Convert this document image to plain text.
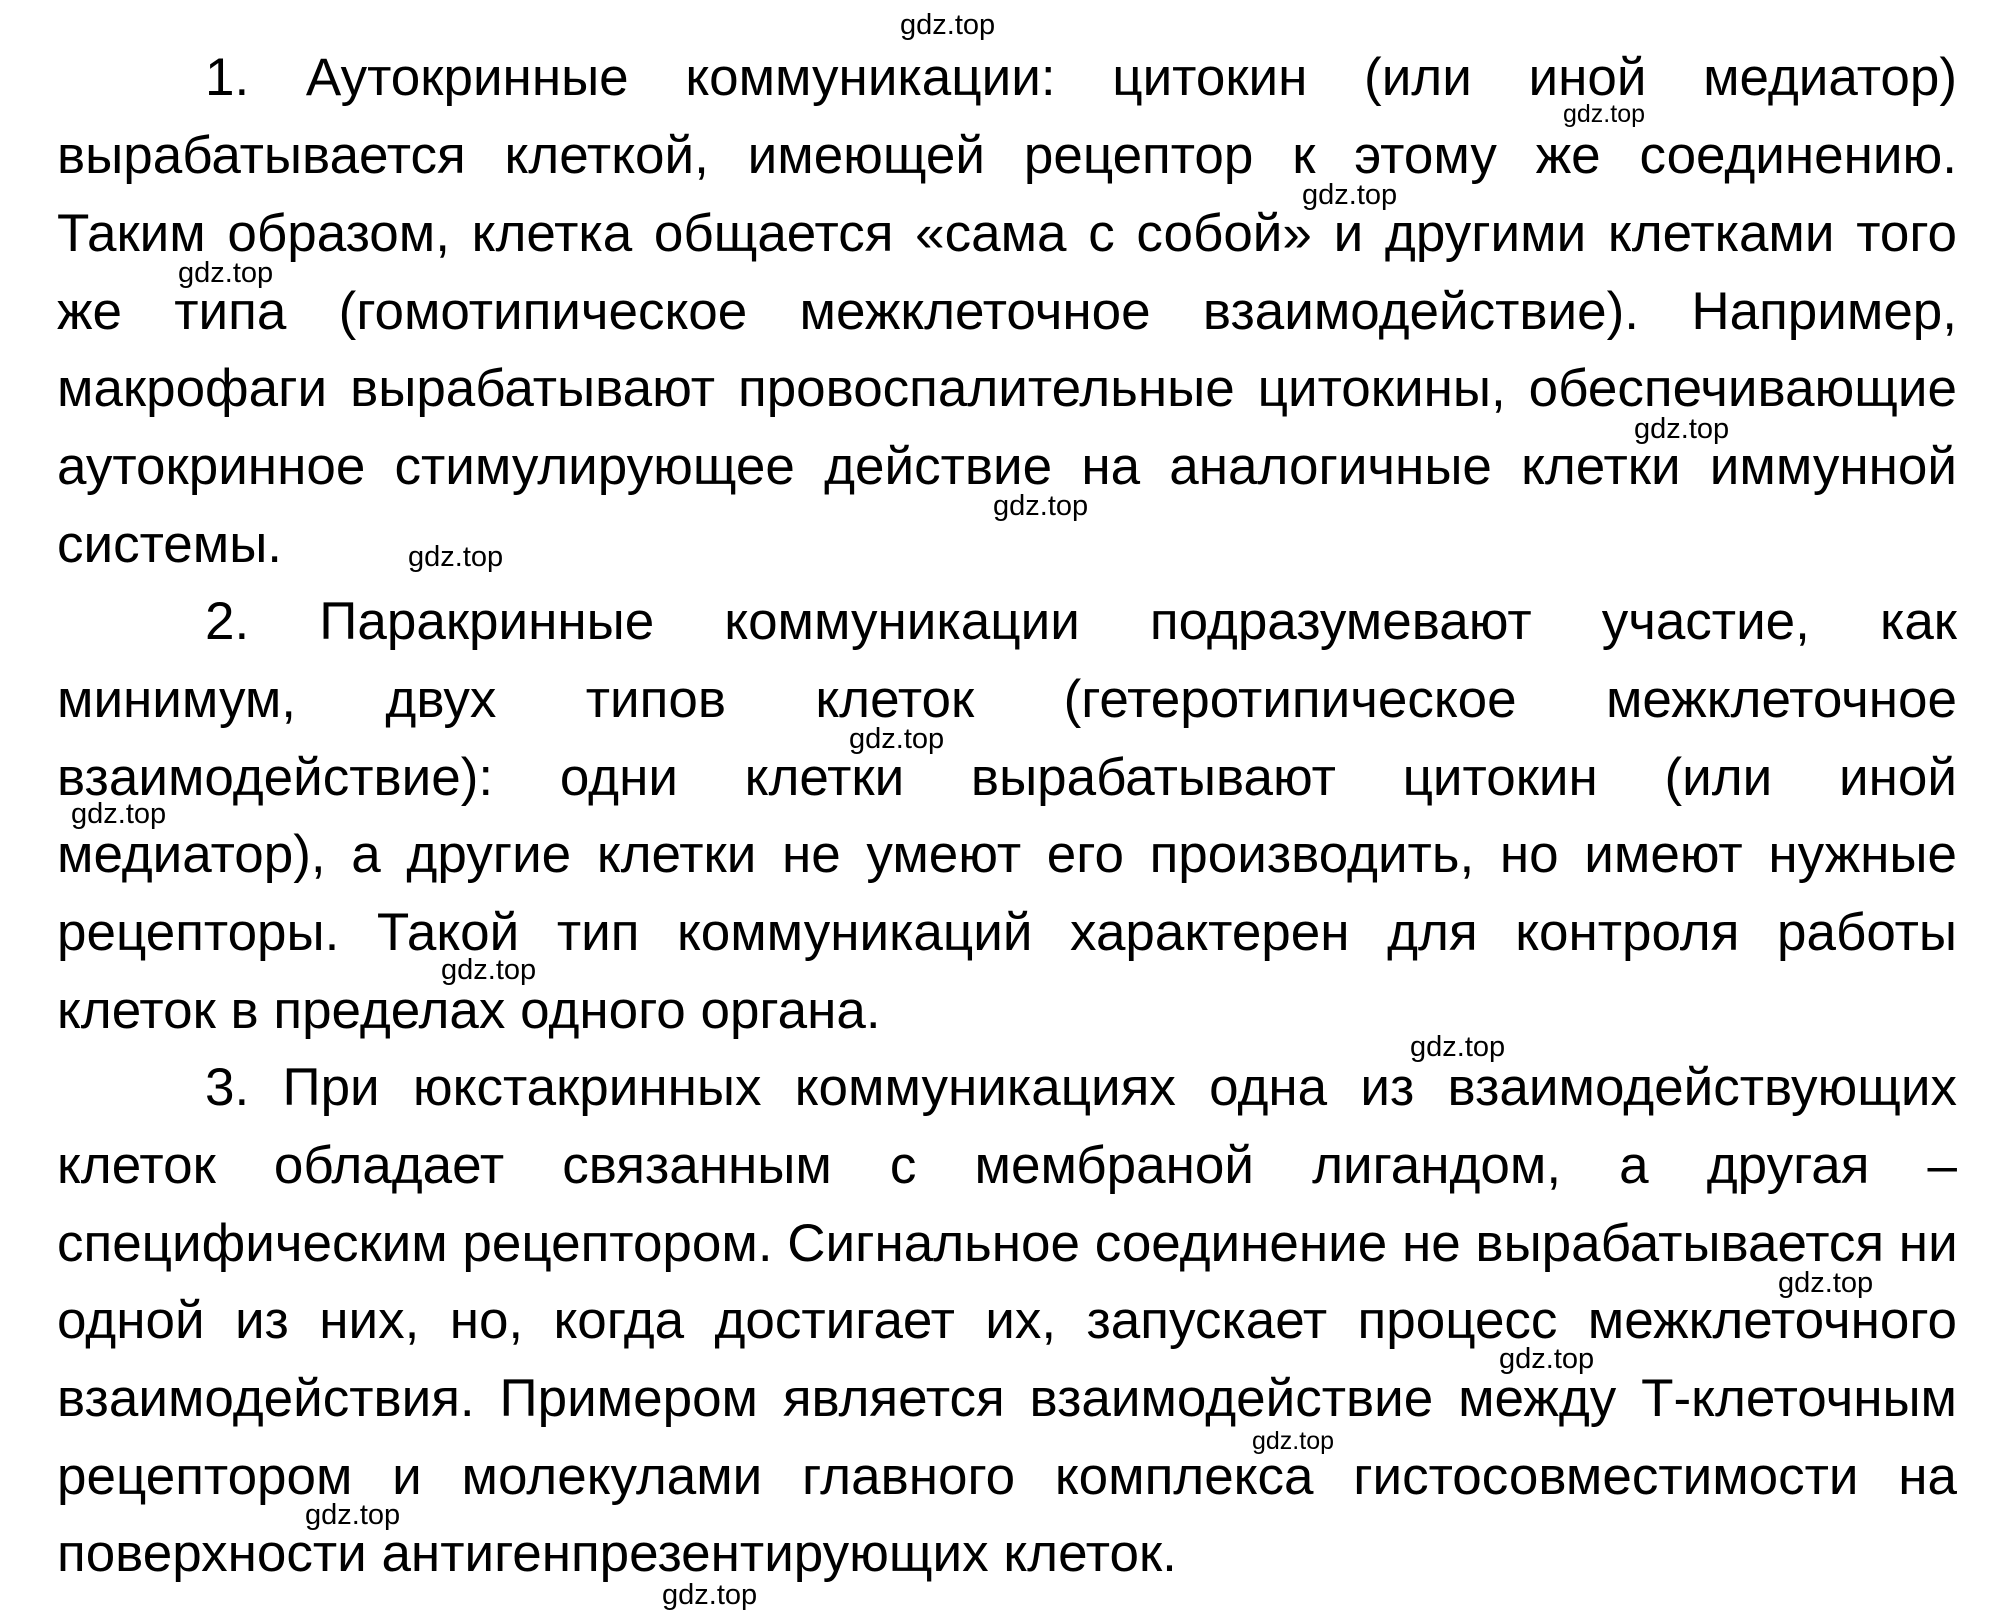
1. Аутокринные коммуникации: цитокин (или иной медиатор)
вырабатывается клеткой, имеющей рецептор к этому же соединению.
Таким образом, клетка общается «сама с собой» и другими клетками того
же типа (гомотипическое межклеточное взаимодействие). Например,
макрофаги вырабатывают провоспалительные цитокины, обеспечивающие
аутокринное стимулирующее действие на аналогичные клетки иммунной
системы.
2. Паракринные коммуникации подразумевают участие, как
минимум, двух типов клеток (гетеротипическое межклеточное
взаимодействие): одни клетки вырабатывают цитокин (или иной
медиатор), а другие клетки не умеют его производить, но имеют нужные
рецепторы. Такой тип коммуникаций характерен для контроля работы
клеток в пределах одного органа.
3. При юкстакринных коммуникациях одна из взаимодействующих
клеток обладает связанным с мембраной лигандом, а другая –
специфическим рецептором. Сигнальное соединение не вырабатывается ни
одной из них, но, когда достигает их, запускает процесс межклеточного
взаимодействия. Примером является взаимодействие между Т-клеточным
рецептором и молекулами главного комплекса гистосовместимости на
поверхности антигенпрезентирующих клеток.
gdz.top
gdz.top
gdz.top
gdz.top
gdz.top
gdz.top
gdz.top
gdz.top
gdz.top
gdz.top
gdz.top
gdz.top
gdz.top
gdz.top
gdz.top
gdz.top
